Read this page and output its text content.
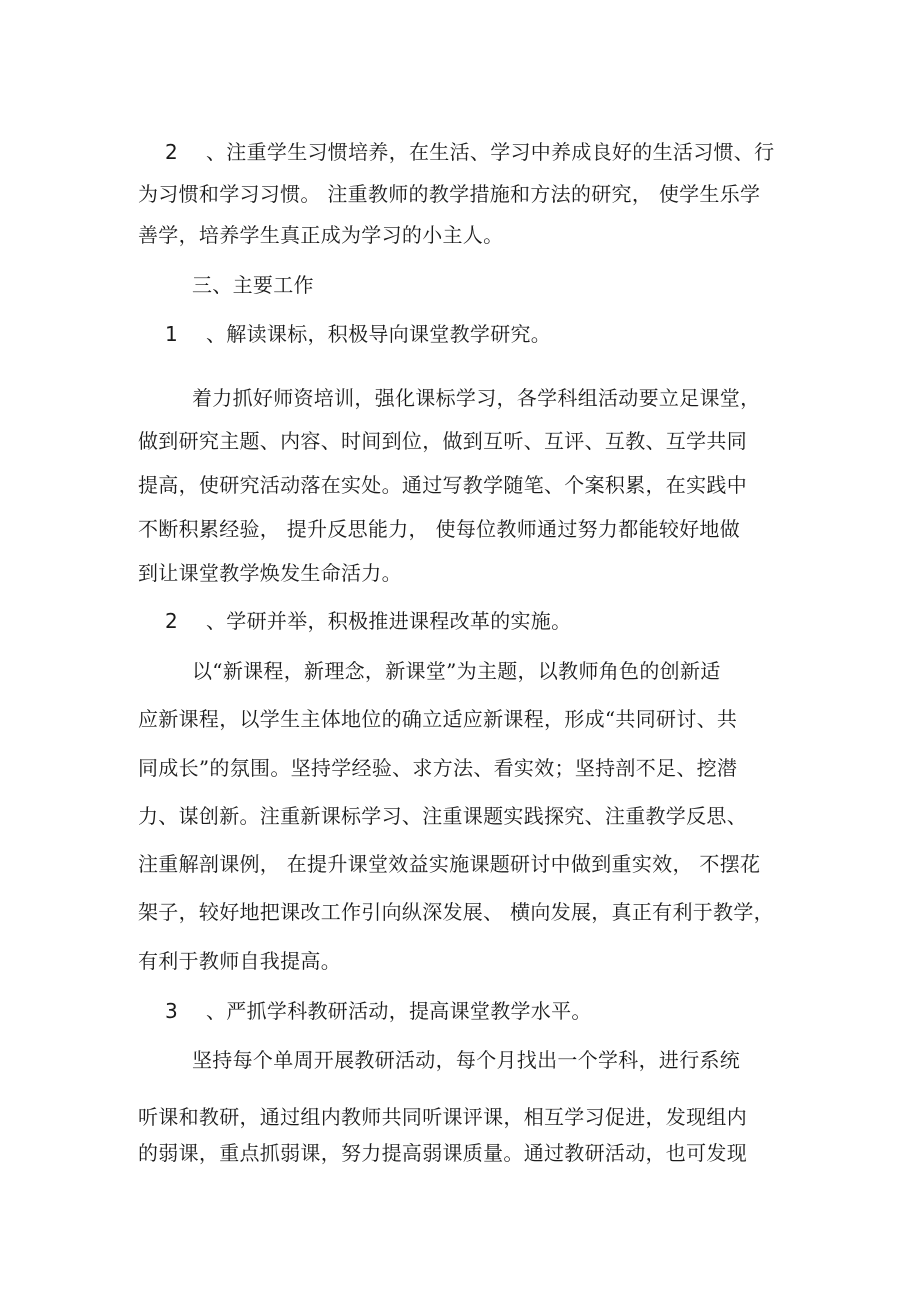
2 、注重学生习惯培养，在生活、学习中养成良好的生活习惯、行
为习惯和学习习惯。 注重教师的教学措施和方法的研究， 使学生乐学
善学，培养学生真正成为学习的小主人。
三、主要工作
1 、解读课标，积极导向课堂教学研究。
着力抓好师资培训，强化课标学习，各学科组活动要立足课堂，
做到研究主题、内容、时间到位，做到互听、互评、互教、互学共同
提高，使研究活动落在实处。通过写教学随笔、个案积累，在实践中
不断积累经验， 提升反思能力， 使每位教师通过努力都能较好地做
到让课堂教学焕发生命活力。
2 、学研并举，积极推进课程改革的实施。
以“新课程，新理念，新课堂”为主题，以教师角色的创新适
应新课程，以学生主体地位的确立适应新课程，形成“共同研讨、共
同成长”的氛围。坚持学经验、求方法、看实效；坚持剖不足、挖潜
力、谋创新。注重新课标学习、注重课题实践探究、注重教学反思、
注重解剖课例， 在提升课堂效益实施课题研讨中做到重实效， 不摆花
架子，较好地把课改工作引向纵深发展、 横向发展，真正有利于教学，
有利于教师自我提高。
3 、严抓学科教研活动，提高课堂教学水平。
坚持每个单周开展教研活动，每个月找出一个学科，进行系统
听课和教研，通过组内教师共同听课评课，相互学习促进，发现组内
的弱课，重点抓弱课，努力提高弱课质量。通过教研活动，也可发现
